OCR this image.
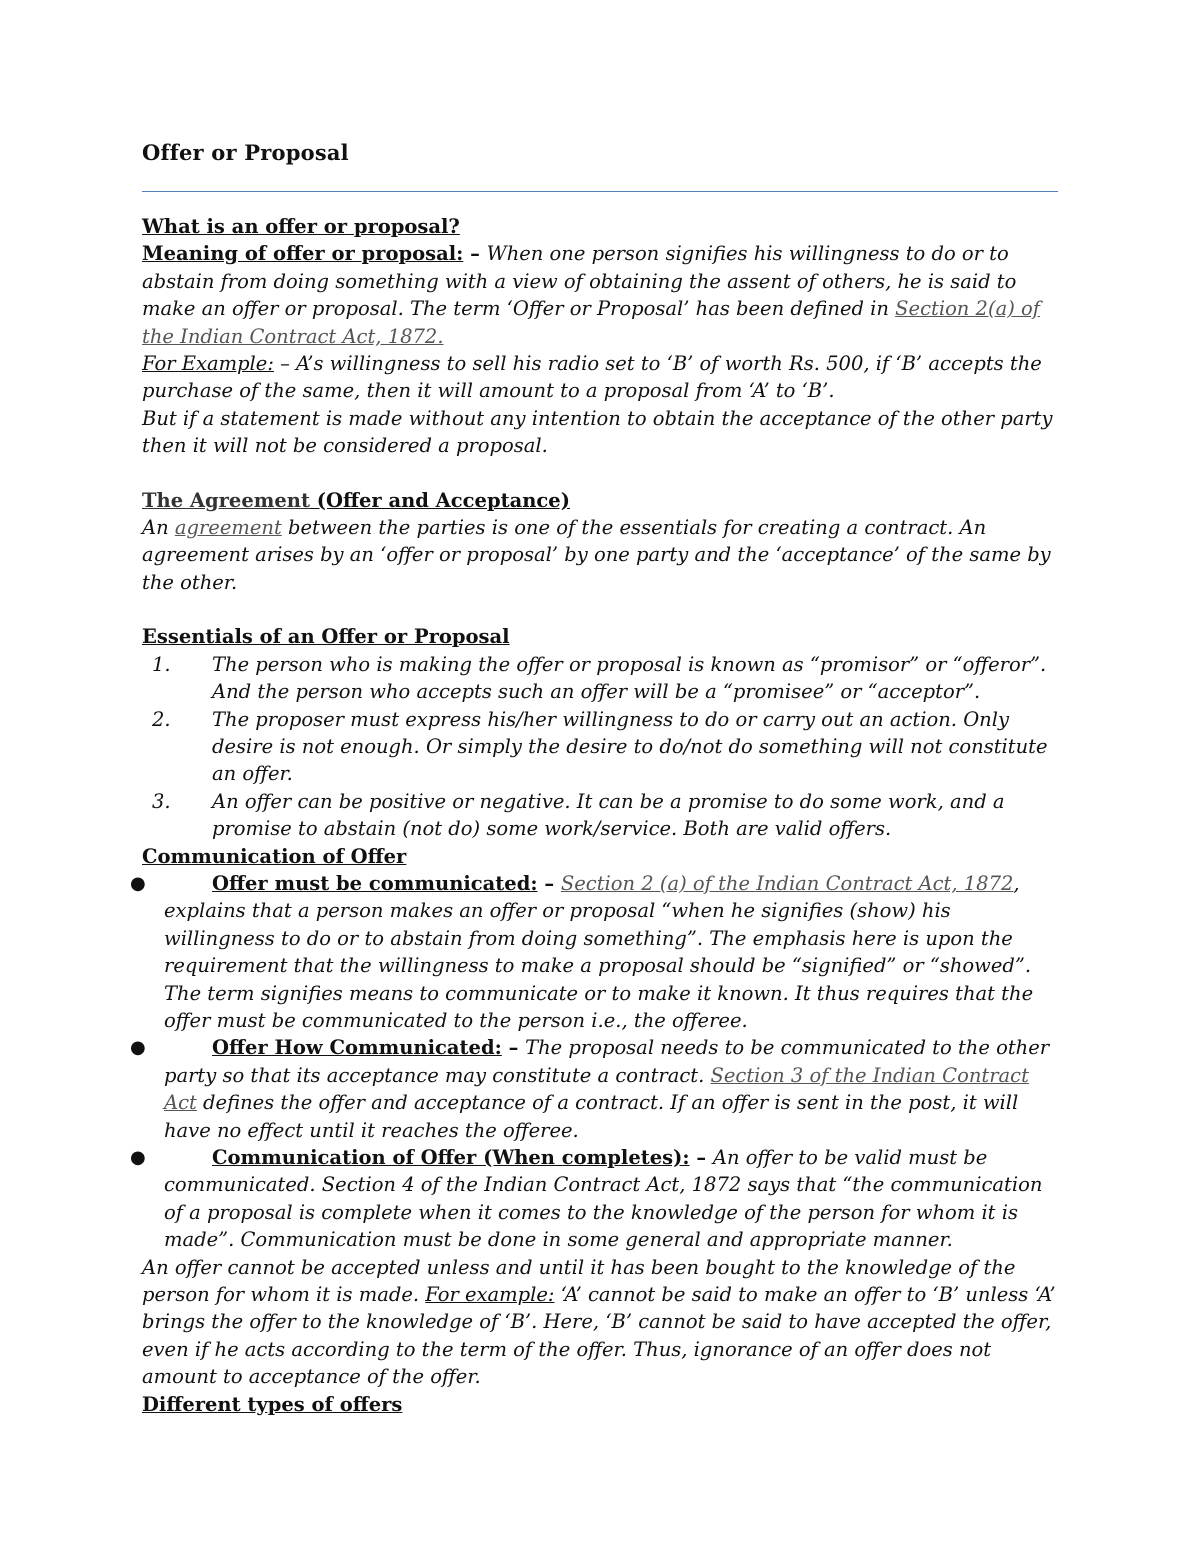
Offer or Proposal

What is an offer or proposal?

Meaning of offer or proposal: – When one person signifies his willingness to do or to abstain from doing something with a view of obtaining the assent of others, he is said to make an offer or proposal. The term ‘Offer or Proposal’ has been defined in Section 2(a) of the Indian Contract Act, 1872.

For Example: – A’s willingness to sell his radio set to ‘B’ of worth Rs. 500, if ‘B’ accepts the purchase of the same, then it will amount to a proposal from ‘A’ to ‘B’.

But if a statement is made without any intention to obtain the acceptance of the other party then it will not be considered a proposal.

The Agreement (Offer and Acceptance)

An agreement between the parties is one of the essentials for creating a contract. An agreement arises by an ‘offer or proposal’ by one party and the ‘acceptance’ of the same by the other.

Essentials of an Offer or Proposal

1. The person who is making the offer or proposal is known as “promisor” or “offeror”. And the person who accepts such an offer will be a “promisee” or “acceptor”.
2. The proposer must express his/her willingness to do or carry out an action. Only desire is not enough. Or simply the desire to do/not do something will not constitute an offer.
3. An offer can be positive or negative. It can be a promise to do some work, and a promise to abstain (not do) some work/service. Both are valid offers.

Communication of Offer

●	Offer must be communicated: – Section 2 (a) of the Indian Contract Act, 1872, explains that a person makes an offer or proposal “when he signifies (show) his willingness to do or to abstain from doing something”. The emphasis here is upon the requirement that the willingness to make a proposal should be “signified” or “showed”. The term signifies means to communicate or to make it known. It thus requires that the offer must be communicated to the person i.e., the offeree.
●	Offer How Communicated: – The proposal needs to be communicated to the other party so that its acceptance may constitute a contract. Section 3 of the Indian Contract Act defines the offer and acceptance of a contract. If an offer is sent in the post, it will have no effect until it reaches the offeree.
●	Communication of Offer (When completes): – An offer to be valid must be communicated. Section 4 of the Indian Contract Act, 1872 says that “the communication of a proposal is complete when it comes to the knowledge of the person for whom it is made”. Communication must be done in some general and appropriate manner.

An offer cannot be accepted unless and until it has been bought to the knowledge of the person for whom it is made. For example: ‘A’ cannot be said to make an offer to ‘B’ unless ‘A’ brings the offer to the knowledge of ‘B’. Here, ‘B’ cannot be said to have accepted the offer, even if he acts according to the term of the offer. Thus, ignorance of an offer does not amount to acceptance of the offer.

Different types of offers
